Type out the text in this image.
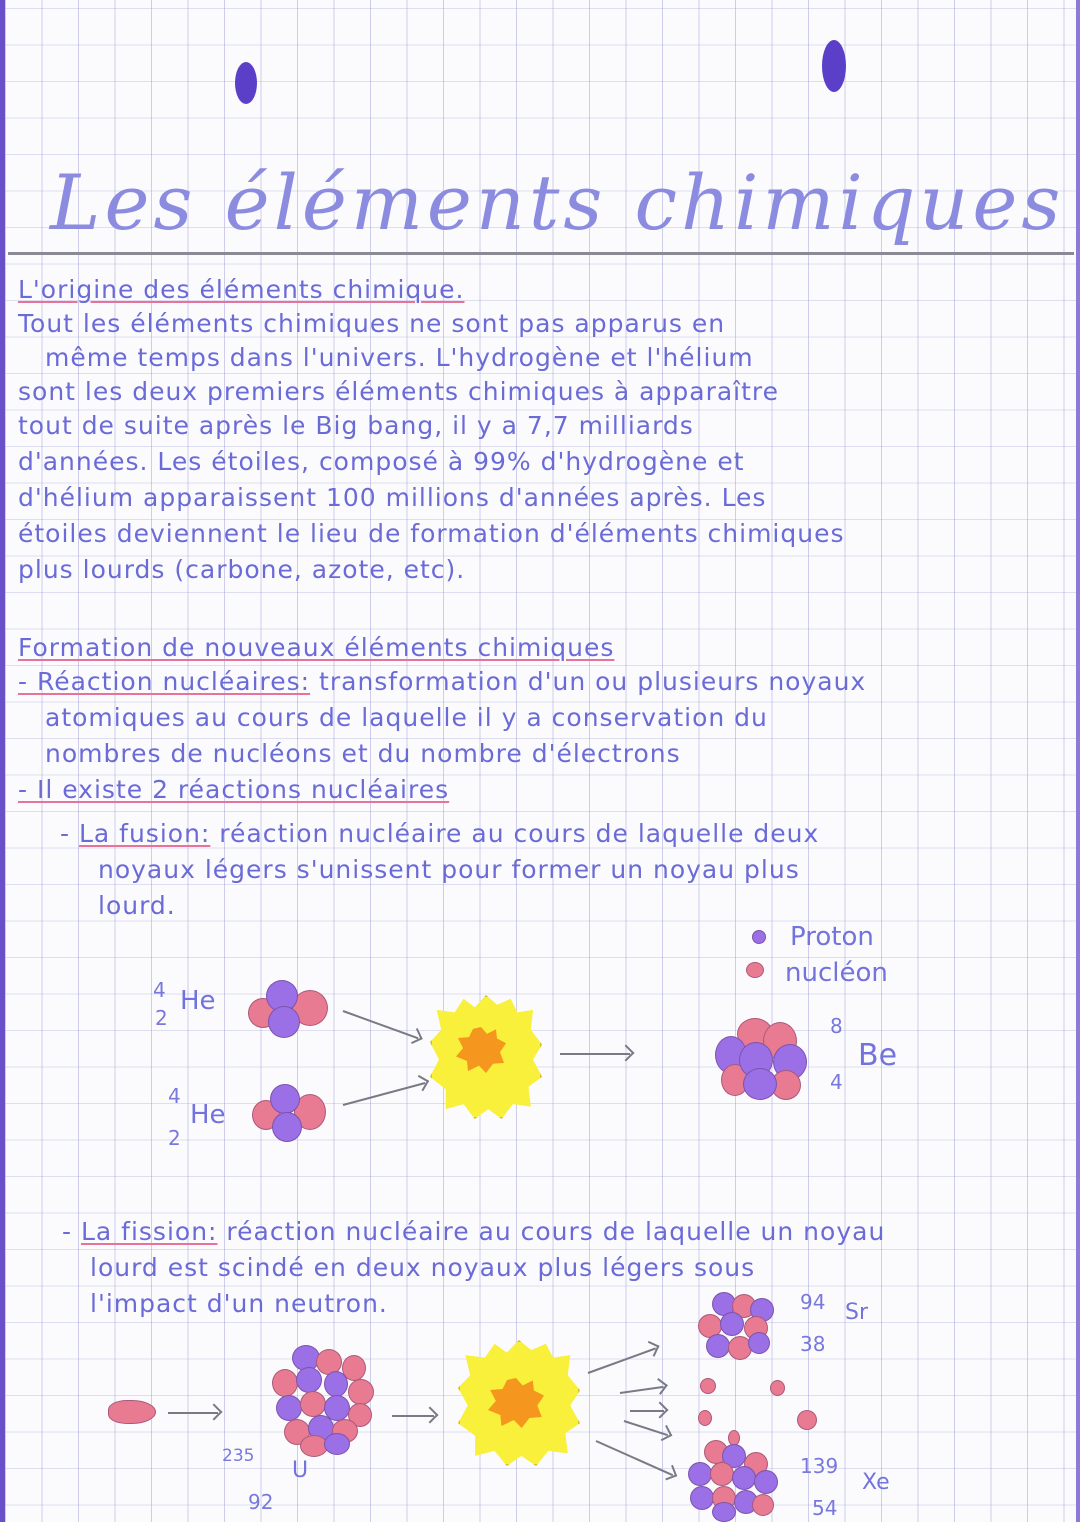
Les éléments chimiques
L'origine des éléments chimique.
Tout les éléments chimiques ne sont pas apparus en
même temps dans l'univers. L'hydrogène et l'hélium
sont les deux premiers éléments chimiques à apparaître
tout de suite après le Big bang, il y a 7,7 milliards
d'années. Les étoiles, composé à 99% d'hydrogène et
d'hélium apparaissent 100 millions d'années après. Les
étoiles deviennent le lieu de formation d'éléments chimiques
plus lourds (carbone, azote, etc).
Formation de nouveaux éléments chimiques
- Réaction nucléaires: transformation d'un ou plusieurs noyaux
atomiques au cours de laquelle il y a conservation du
nombres de nucléons et du nombre d'électrons
- Il existe 2 réactions nucléaires
- La fusion: réaction nucléaire au cours de laquelle deux
noyaux légers s'unissent pour former un noyau plus
lourd.
Proton
nucléon
4
2
He
4
2
He
8
4
Be
- La fission: réaction nucléaire au cours de laquelle un noyau
lourd est scindé en deux noyaux plus légers sous
l'impact d'un neutron.
235
92
U
94
38
Sr
139
54
Xe
